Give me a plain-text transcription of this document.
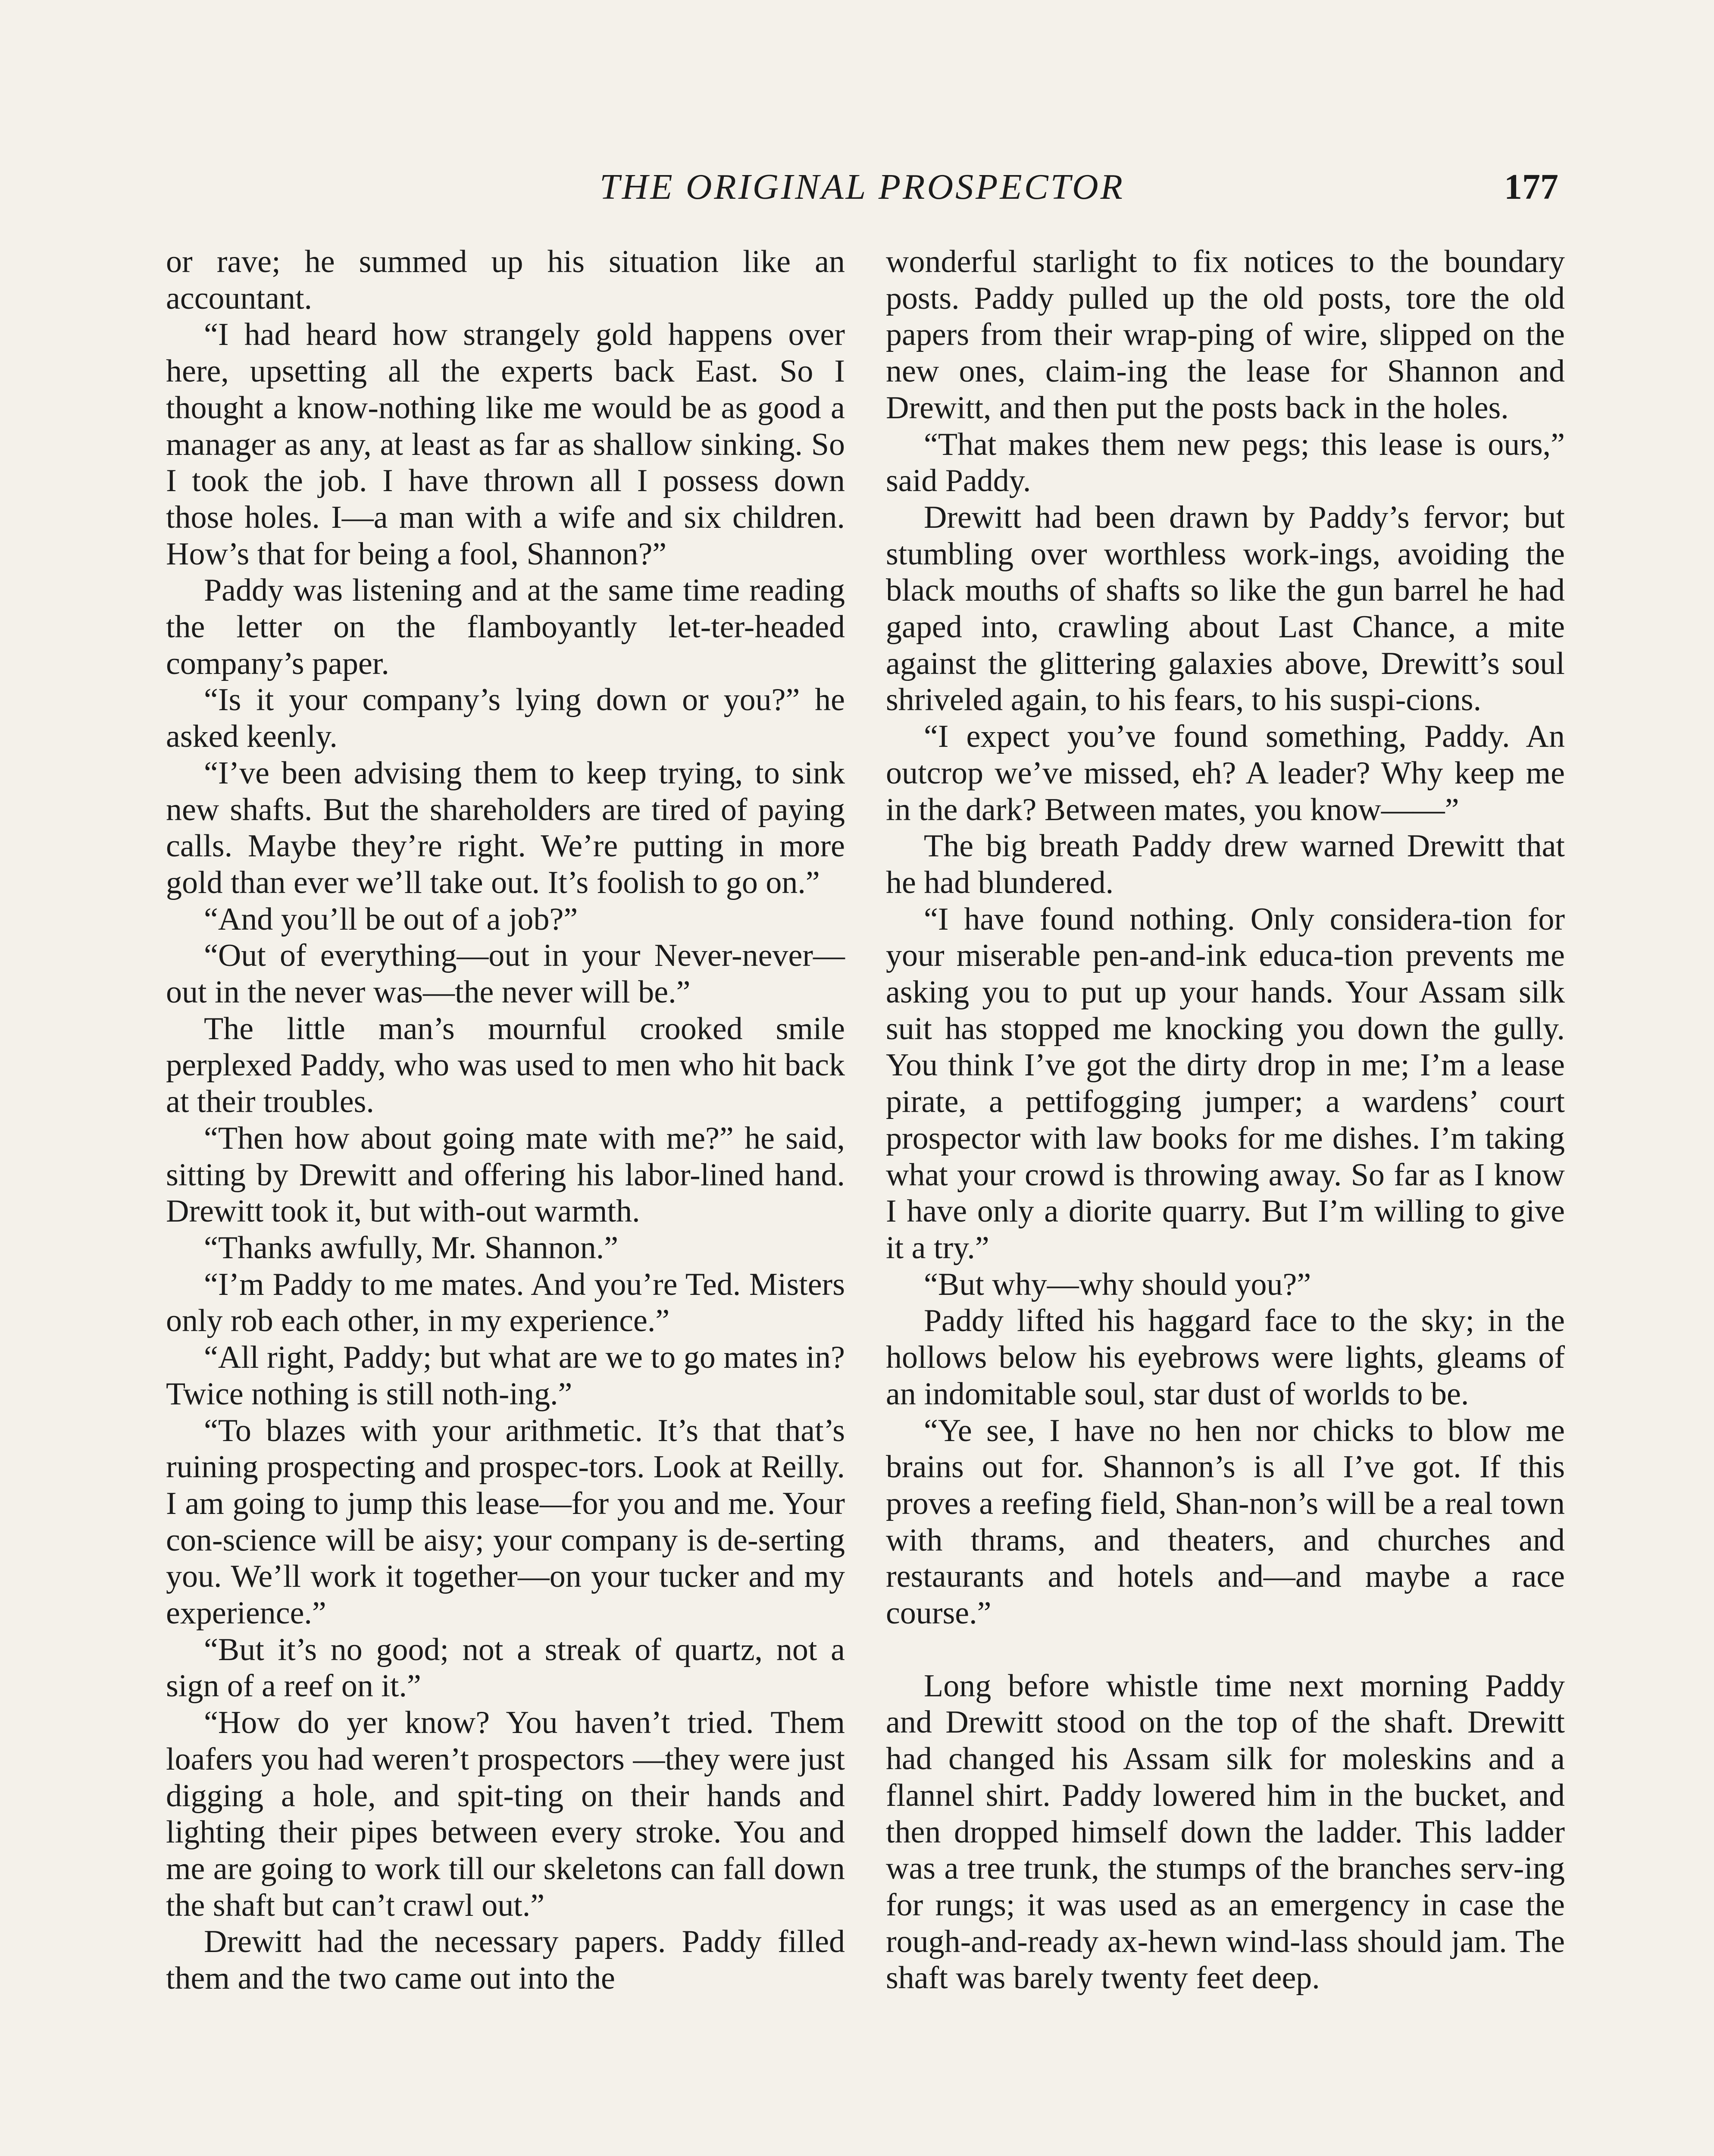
THE ORIGINAL PROSPECTOR	177

or rave; he summed up his situation like an accountant.

“I had heard how strangely gold happens over here, upsetting all the experts back East. So I thought a know-nothing like me would be as good a manager as any, at least as far as shallow sinking. So I took the job. I have thrown all I possess down those holes. I—a man with a wife and six children. How’s that for being a fool, Shannon?”

Paddy was listening and at the same time reading the letter on the flamboyantly let-ter-headed company’s paper.

“Is it your company’s lying down or you?” he asked keenly.

“I’ve been advising them to keep trying, to sink new shafts. But the shareholders are tired of paying calls. Maybe they’re right. We’re putting in more gold than ever we’ll take out. It’s foolish to go on.”

“And you’ll be out of a job?”

“Out of everything—out in your Never-never—out in the never was—the never will be.”

The little man’s mournful crooked smile perplexed Paddy, who was used to men who hit back at their troubles.

“Then how about going mate with me?” he said, sitting by Drewitt and offering his labor-lined hand. Drewitt took it, but with-out warmth.

“Thanks awfully, Mr. Shannon.”

“I’m Paddy to me mates. And you’re Ted. Misters only rob each other, in my experience.”

“All right, Paddy; but what are we to go mates in? Twice nothing is still noth-ing.”

“To blazes with your arithmetic. It’s that that’s ruining prospecting and prospec-tors. Look at Reilly. I am going to jump this lease—for you and me. Your con-science will be aisy; your company is de-serting you. We’ll work it together—on your tucker and my experience.”

“But it’s no good; not a streak of quartz, not a sign of a reef on it.”

“How do yer know? You haven’t tried. Them loafers you had weren’t prospectors —they were just digging a hole, and spit-ting on their hands and lighting their pipes between every stroke. You and me are going to work till our skeletons can fall down the shaft but can’t crawl out.”

Drewitt had the necessary papers. Paddy filled them and the two came out into the

wonderful starlight to fix notices to the boundary posts. Paddy pulled up the old posts, tore the old papers from their wrap-ping of wire, slipped on the new ones, claim-ing the lease for Shannon and Drewitt, and then put the posts back in the holes.

“That makes them new pegs; this lease is ours,” said Paddy.

Drewitt had been drawn by Paddy’s fervor; but stumbling over worthless work-ings, avoiding the black mouths of shafts so like the gun barrel he had gaped into, crawling about Last Chance, a mite against the glittering galaxies above, Drewitt’s soul shriveled again, to his fears, to his suspi-cions.

“I expect you’ve found something, Paddy. An outcrop we’ve missed, eh? A leader? Why keep me in the dark? Between mates, you know——”

The big breath Paddy drew warned Drewitt that he had blundered.

“I have found nothing. Only considera-tion for your miserable pen-and-ink educa-tion prevents me asking you to put up your hands. Your Assam silk suit has stopped me knocking you down the gully. You think I’ve got the dirty drop in me; I’m a lease pirate, a pettifogging jumper; a wardens’ court prospector with law books for me dishes. I’m taking what your crowd is throwing away. So far as I know I have only a diorite quarry. But I’m willing to give it a try.”

“But why—why should you?”

Paddy lifted his haggard face to the sky; in the hollows below his eyebrows were lights, gleams of an indomitable soul, star dust of worlds to be.

“Ye see, I have no hen nor chicks to blow me brains out for. Shannon’s is all I’ve got. If this proves a reefing field, Shan-non’s will be a real town with thrams, and theaters, and churches and restaurants and hotels and—and maybe a race course.”

Long before whistle time next morning Paddy and Drewitt stood on the top of the shaft. Drewitt had changed his Assam silk for moleskins and a flannel shirt. Paddy lowered him in the bucket, and then dropped himself down the ladder. This ladder was a tree trunk, the stumps of the branches serv-ing for rungs; it was used as an emergency in case the rough-and-ready ax-hewn wind-lass should jam. The shaft was barely twenty feet deep.
